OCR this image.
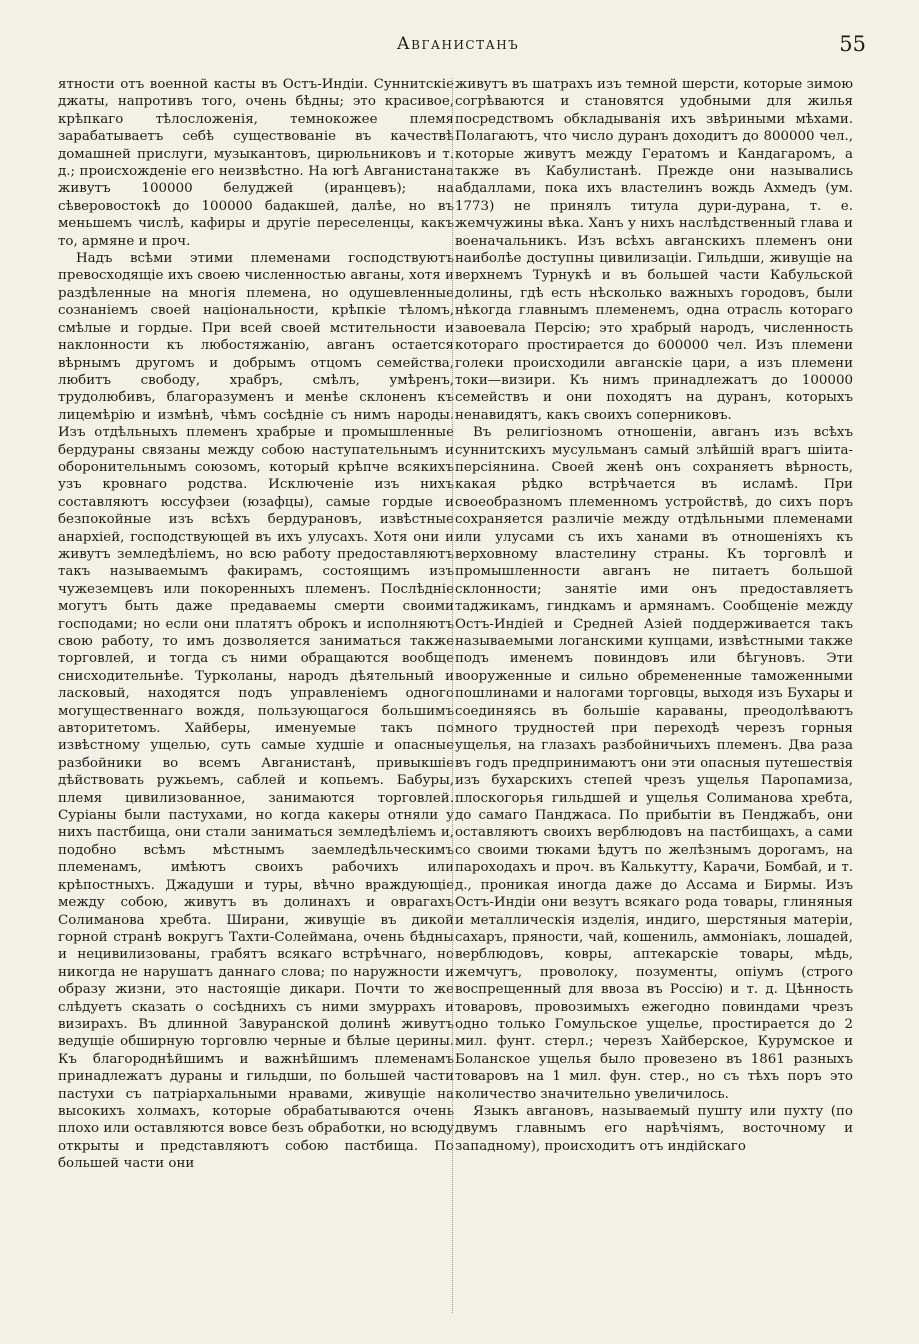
Авганистанъ	55

ятности отъ военной касты въ Остъ-Индіи. Суннитскіе джаты, напротивъ того, очень бѣдны; это красивое, крѣпкаго тѣлосложенія, темнокожее племя зарабатываетъ себѣ существованіе въ качествѣ домашней прислуги, музыкантовъ, цирюльниковъ и т. д.; происхожденіе его неизвѣстно. На югѣ Авганистана живутъ 100000 белуджей (иранцевъ); на сѣверовостокѣ до 100000 бадакшей, далѣе, но въ меньшемъ числѣ, кафиры и другіе переселенцы, какъ то, армяне и проч.

Надъ всѣми этими племенами господствуютъ превосходящіе ихъ своею численностью авганы, хотя и раздѣленные на многія племена, но одушевленные сознаніемъ своей національности, крѣпкіе тѣломъ, смѣлые и гордые. При всей своей мстительности и наклонности къ любостяжанію, авганъ остается вѣрнымъ другомъ и добрымъ отцомъ семейства, любитъ свободу, храбръ, смѣлъ, умѣренъ, трудолюбивъ, благоразуменъ и менѣе склоненъ къ лицемѣрію и измѣнѣ, чѣмъ сосѣдніе съ нимъ народы. Изъ отдѣльныхъ племенъ храбрые и промышленные бердураны связаны между собою наступательнымъ и оборонительнымъ союзомъ, который крѣпче всякихъ узъ кровнаго родства. Исключеніе изъ нихъ составляютъ юссуфзеи (юзафцы), самые гордые и безпокойные изъ всѣхъ бердурановъ, извѣстные анархіей, господствующей въ ихъ улусахъ. Хотя они и живутъ земледѣліемъ, но всю работу предоставляютъ такъ называемымъ факирамъ, состоящимъ изъ чужеземцевъ или покоренныхъ племенъ. Послѣдніе могутъ быть даже предаваемы смерти своими господами; но если они платятъ оброкъ и исполняютъ свою работу, то имъ дозволяется заниматься также торговлей, и тогда съ ними обращаются вообще снисходительнѣе. Турколаны, народъ дѣятельный и ласковый, находятся подъ управленіемъ одного могущественнаго вождя, пользующагося большимъ авторитетомъ. Хайберы, именуемые такъ по извѣстному ущелью, суть самые худшіе и опасные разбойники во всемъ Авганистанѣ, привыкшіе дѣйствовать ружьемъ, саблей и копьемъ. Бабуры, племя цивилизованное, занимаются торговлей. Суріаны были пастухами, но когда какеры отняли у нихъ пастбища, они стали заниматься земледѣліемъ и, подобно всѣмъ мѣстнымъ заемледѣльческимъ племенамъ, имѣютъ своихъ рабочихъ или крѣпостныхъ. Джадуши и туры, вѣчно враждующіе между собою, живутъ въ долинахъ и оврагахъ Солиманова хребта. Ширани, живущіе въ дикой горной странѣ вокругъ Тахти-Солеймана, очень бѣдны и нецивилизованы, грабятъ всякаго встрѣчнаго, но никогда не нарушатъ даннаго слова; по наружности и образу жизни, это настоящіе дикари. Почти то же слѣдуетъ сказать о сосѣднихъ съ ними змуррахъ и визирахъ. Въ длинной Завуранской долинѣ живутъ ведущіе обширную торговлю черные и бѣлые церины. Къ благороднѣйшимъ и важнѣйшимъ племенамъ принадлежатъ дураны и гильдши, по большей части пастухи съ патріархальными нравами, живущіе на высокихъ холмахъ, которые обрабатываются очень плохо или оставляются вовсе безъ обработки, но всюду открыты и представляютъ собою пастбища. По большей части они

живутъ въ шатрахъ изъ темной шерсти, которые зимою согрѣваются и становятся удобными для жилья посредствомъ обкладыванія ихъ звѣриными мѣхами. Полагаютъ, что число дуранъ доходитъ до 800000 чел., которые живутъ между Гератомъ и Кандагаромъ, а также въ Кабулистанѣ. Прежде они назывались абдаллами, пока ихъ властелинъ вождь Ахмедъ (ум. 1773) не принялъ титула дури-дурана, т. е. жемчужины вѣка. Ханъ у нихъ наслѣдственный глава и военачальникъ. Изъ всѣхъ авганскихъ племенъ они наиболѣе доступны цивилизаціи. Гильдши, живущіе на верхнемъ Турнукѣ и въ большей части Кабульской долины, гдѣ есть нѣсколько важныхъ городовъ, были нѣкогда главнымъ племенемъ, одна отрасль котораго завоевала Персію; это храбрый народъ, численность котораго простирается до 600000 чел. Изъ племени голеки происходили авганскіе цари, а изъ племени токи—визири. Къ нимъ принадлежатъ до 100000 семействъ и они походятъ на дуранъ, которыхъ ненавидятъ, какъ своихъ соперниковъ.

Въ религіозномъ отношеніи, авганъ изъ всѣхъ суннитскихъ мусульманъ самый злѣйшій врагъ шіита-персіянина. Своей женѣ онъ сохраняетъ вѣрность, какая рѣдко встрѣчается въ исламѣ. При своеобразномъ племенномъ устройствѣ, до сихъ поръ сохраняется различіе между отдѣльными племенами или улусами съ ихъ ханами въ отношеніяхъ къ верховному властелину страны. Къ торговлѣ и промышленности авганъ не питаетъ большой склонности; занятіе ими онъ предоставляетъ таджикамъ, гиндкамъ и армянамъ. Сообщеніе между Остъ-Индіей и Средней Азіей поддерживается такъ называемыми логанскими купцами, извѣстными также подъ именемъ повиндовъ или бѣгуновъ. Эти вооруженные и сильно обремененные таможенными пошлинами и налогами торговцы, выходя изъ Бухары и соединяясь въ большіе караваны, преодолѣваютъ много трудностей при переходѣ черезъ горныя ущелья, на глазахъ разбойничьихъ племенъ. Два раза въ годъ предпринимаютъ они эти опасныя путешествія изъ бухарскихъ степей чрезъ ущелья Паропамиза, плоскогорья гильдшей и ущелья Солиманова хребта, до самаго Панджаса. По прибытіи въ Пенджабъ, они оставляютъ своихъ верблюдовъ на пастбищахъ, а сами со своими тюками ѣдутъ по желѣзнымъ дорогамъ, на пароходахъ и проч. въ Калькутту, Карачи, Бомбай, и т. д., проникая иногда даже до Ассама и Бирмы. Изъ Остъ-Индіи они везутъ всякаго рода товары, глиняныя и металлическія изделія, индиго, шерстяныя матеріи, сахаръ, пряности, чай, кошениль, аммоніакъ, лошадей, верблюдовъ, ковры, аптекарскіе товары, мѣдь, жемчугъ, проволоку, позументы, опіумъ (строго воспрещенный для ввоза въ Россію) и т. д. Цѣнность товаровъ, провозимыхъ ежегодно повиндами чрезъ одно только Гомульское ущелье, простирается до 2 мил. фунт. стерл.; черезъ Хайберское, Курумское и Боланское ущелья было провезено въ 1861 разныхъ товаровъ на 1 мил. фун. стер., но съ тѣхъ поръ это количество значительно увеличилось.

Языкъ авгановъ, называемый пушту или пухту (по двумъ главнымъ его нарѣчіямъ, восточному и западному), происходитъ отъ индійскаго
